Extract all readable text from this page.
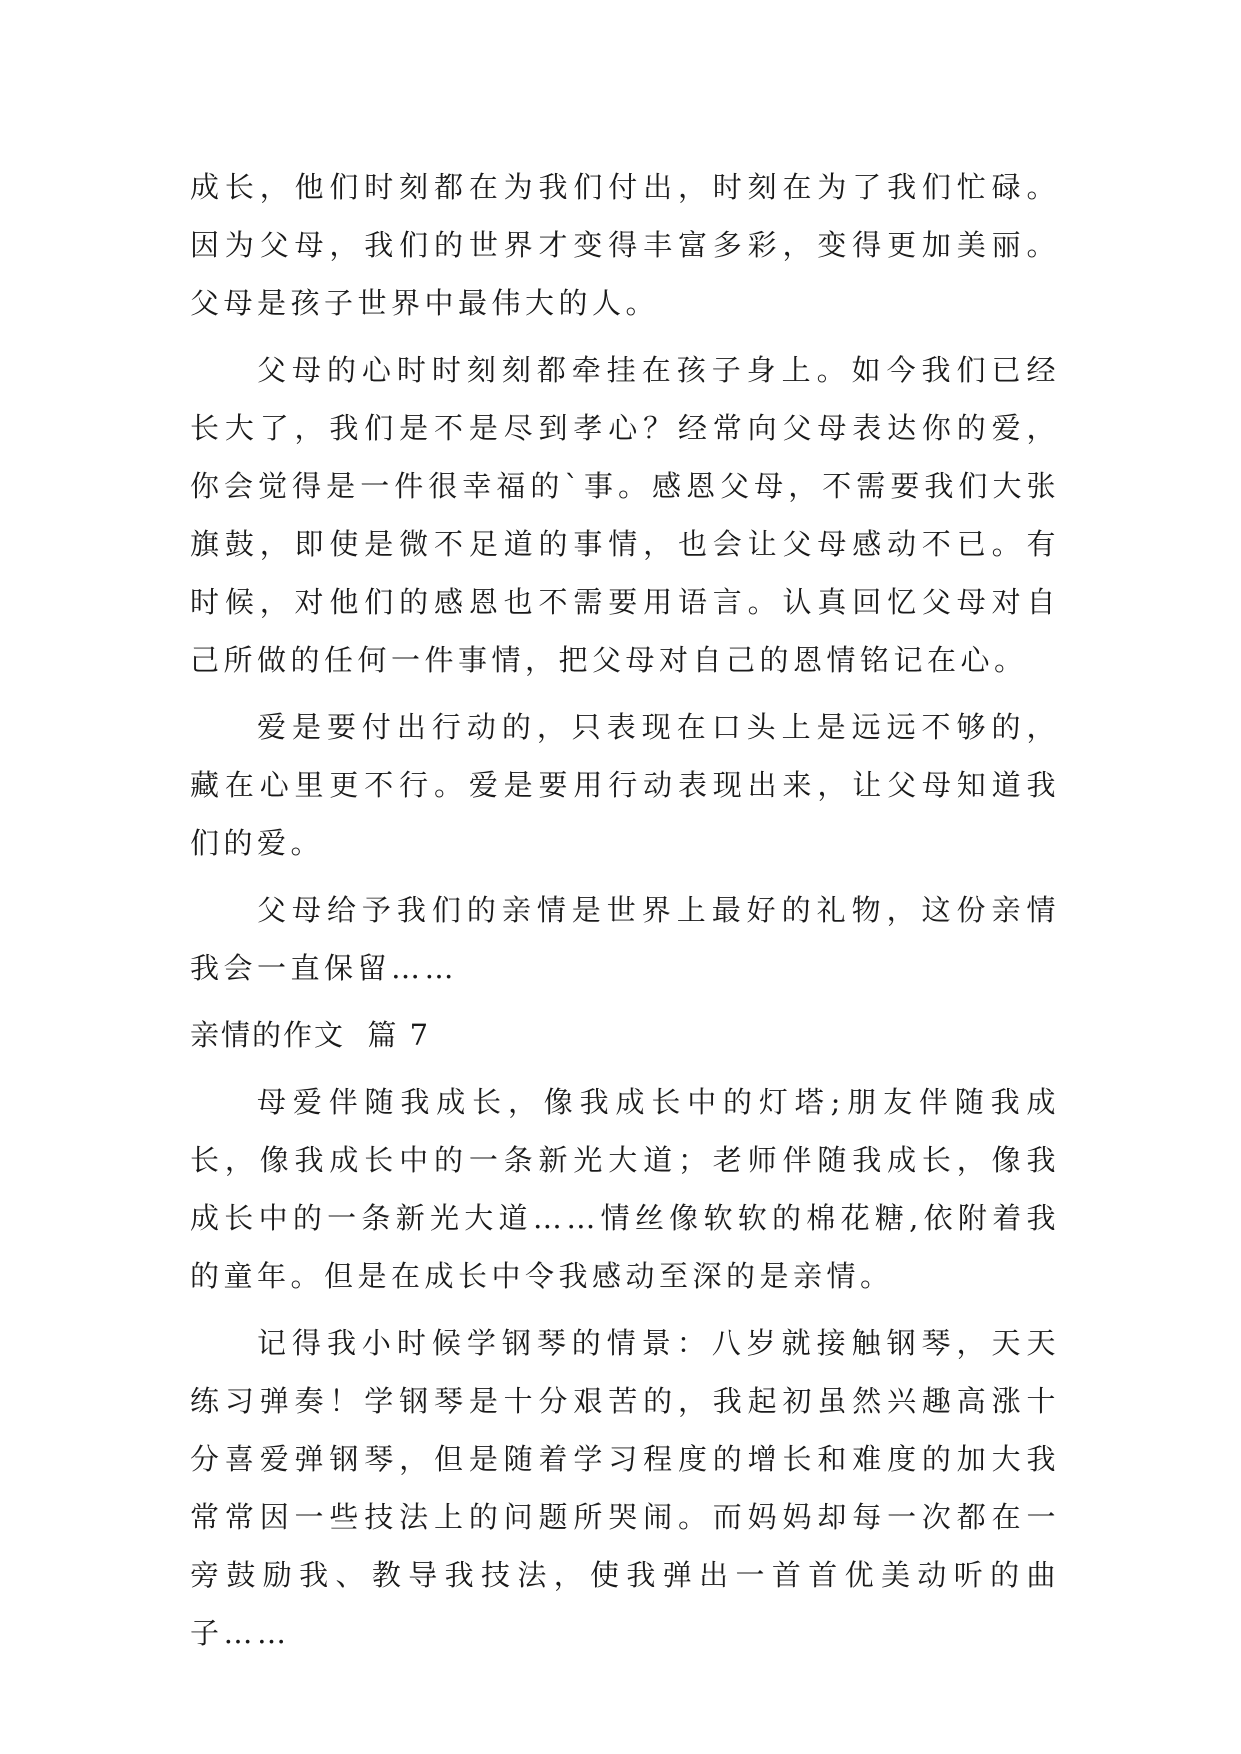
成长，他们时刻都在为我们付出，时刻在为了我们忙碌。因为父母，我们的世界才变得丰富多彩，变得更加美丽。父母是孩子世界中最伟大的人。

父母的心时时刻刻都牵挂在孩子身上。如今我们已经长大了，我们是不是尽到孝心？经常向父母表达你的爱，你会觉得是一件很幸福的`事。感恩父母，不需要我们大张旗鼓，即使是微不足道的事情，也会让父母感动不已。有时候，对他们的感恩也不需要用语言。认真回忆父母对自己所做的任何一件事情，把父母对自己的恩情铭记在心。

爱是要付出行动的，只表现在口头上是远远不够的，藏在心里更不行。爱是要用行动表现出来，让父母知道我们的爱。

父母给予我们的亲情是世界上最好的礼物，这份亲情我会一直保留……

亲情的作文  篇 7

母爱伴随我成长，像我成长中的灯塔;朋友伴随我成长，像我成长中的一条新光大道；老师伴随我成长，像我成长中的一条新光大道……情丝像软软的棉花糖,依附着我的童年。但是在成长中令我感动至深的是亲情。

记得我小时候学钢琴的情景：八岁就接触钢琴，天天练习弹奏！学钢琴是十分艰苦的，我起初虽然兴趣高涨十分喜爱弹钢琴，但是随着学习程度的增长和难度的加大我常常因一些技法上的问题所哭闹。而妈妈却每一次都在一旁鼓励我、教导我技法，使我弹出一首首优美动听的曲子……
